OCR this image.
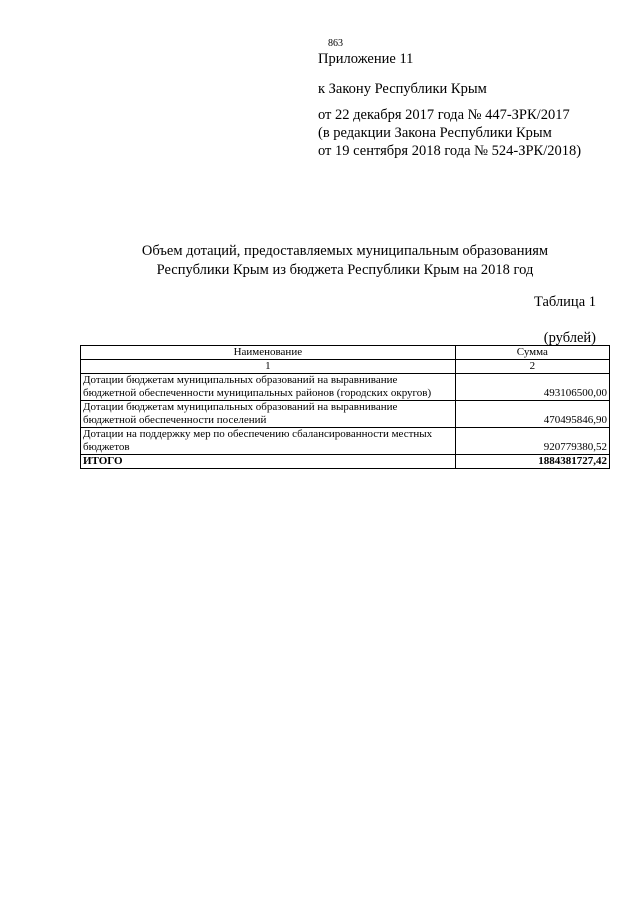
863
Приложение 11
к Закону Республики Крым
от 22 декабря 2017 года № 447-ЗРК/2017
(в редакции Закона Республики Крым
от 19 сентября 2018 года № 524-ЗРК/2018)
Объем дотаций, предоставляемых муниципальным образованиям
Республики Крым из бюджета Республики Крым на 2018 год
Таблица 1
(рублей)
Наименование	Сумма
1	2
Дотации бюджетам муниципальных образований на выравнивание бюджетной обеспеченности муниципальных районов (городских округов)	493106500,00
Дотации бюджетам муниципальных образований на выравнивание бюджетной обеспеченности поселений	470495846,90
Дотации на поддержку мер по обеспечению сбалансированности местных бюджетов	920779380,52
ИТОГО	1884381727,42
